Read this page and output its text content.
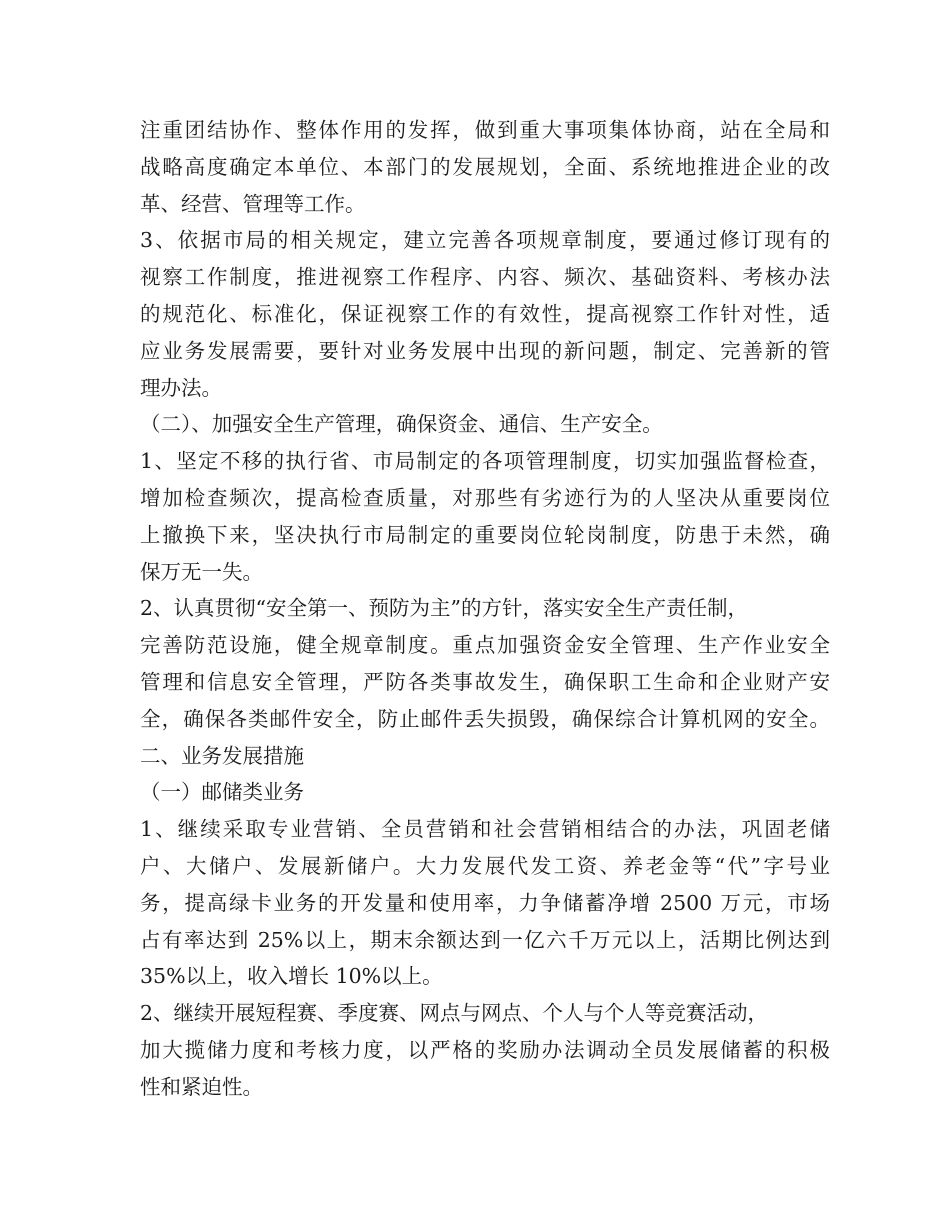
注重团结协作、整体作用的发挥，做到重大事项集体协商，站在全局和
战略高度确定本单位、本部门的发展规划，全面、系统地推进企业的改
革、经营、管理等工作。
3、依据市局的相关规定，建立完善各项规章制度，要通过修订现有的
视察工作制度，推进视察工作程序、内容、频次、基础资料、考核办法
的规范化、标准化，保证视察工作的有效性，提高视察工作针对性，适
应业务发展需要，要针对业务发展中出现的新问题，制定、完善新的管
理办法。
（二）、加强安全生产管理，确保资金、通信、生产安全。
1、坚定不移的执行省、市局制定的各项管理制度，切实加强监督检查，
增加检查频次，提高检查质量，对那些有劣迹行为的人坚决从重要岗位
上撤换下来，坚决执行市局制定的重要岗位轮岗制度，防患于未然，确
保万无一失。
2、认真贯彻“安全第一、预防为主”的方针，落实安全生产责任制，
完善防范设施，健全规章制度。重点加强资金安全管理、生产作业安全
管理和信息安全管理，严防各类事故发生，确保职工生命和企业财产安
全，确保各类邮件安全，防止邮件丢失损毁，确保综合计算机网的安全。
二、业务发展措施
（一）邮储类业务
1、继续采取专业营销、全员营销和社会营销相结合的办法，巩固老储
户、大储户、发展新储户。大力发展代发工资、养老金等“代”字号业
务，提高绿卡业务的开发量和使用率，力争储蓄净增 2500 万元，市场
占有率达到 25%以上，期末余额达到一亿六千万元以上，活期比例达到
35%以上，收入增长 10%以上。
2、继续开展短程赛、季度赛、网点与网点、个人与个人等竞赛活动，
加大揽储力度和考核力度，以严格的奖励办法调动全员发展储蓄的积极
性和紧迫性。
